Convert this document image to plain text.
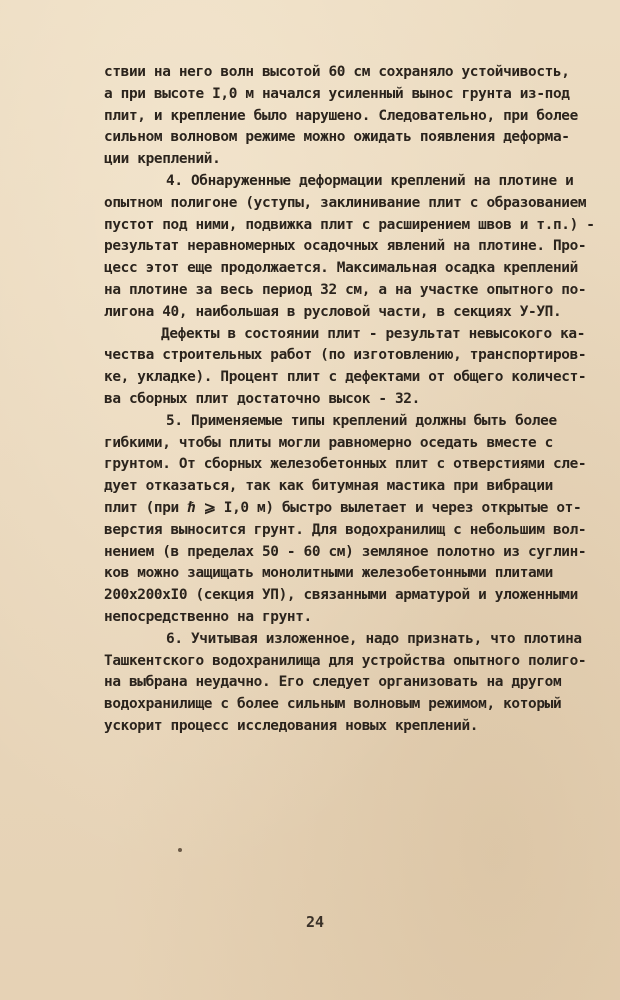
ствии на него волн высотой 60 см сохраняло устойчивость,
а при высоте I,0 м начался усиленный вынос грунта из-под
плит, и крепление было нарушено. Следовательно, при более
сильном волновом режиме можно ожидать появления деформа-
ции креплений.
4. Обнаруженные деформации креплений на плотине и
опытном полигоне (уступы, заклинивание плит с образованием
пустот под ними, подвижка плит с расширением швов и т.п.) -
результат неравномерных осадочных явлений на плотине. Про-
цесс этот еще продолжается. Максимальная осадка креплений
на плотине за весь период 32 см, а на участке опытного по-
лигона 40, наибольшая в русловой части, в секциях У-УП.
Дефекты в состоянии плит - результат невысокого ка-
чества строительных работ (по изготовлению, транспортиров-
ке, укладке). Процент плит с дефектами от общего количест-
ва сборных плит достаточно высок - 32.
5. Применяемые типы креплений должны быть более
гибкими, чтобы плиты могли равномерно оседать вместе с
грунтом. От сборных железобетонных плит с отверстиями сле-
дует отказаться, так как битумная мастика при вибрации
плит (при ℏ ⩾ I,0 м) быстро вылетает и через открытые от-
верстия выносится грунт. Для водохранилищ с небольшим вол-
нением (в пределах 50 - 60 см) земляное полотно из суглин-
ков можно защищать монолитными железобетонными плитами
200x200xI0 (секция УП), связанными арматурой и уложенными
непосредственно на грунт.
6. Учитывая изложенное, надо признать, что плотина
Ташкентского водохранилища для устройства опытного полиго-
на выбрана неудачно. Его следует организовать на другом
водохранилище с более сильным волновым режимом, который
ускорит процесс исследования новых креплений.
24
